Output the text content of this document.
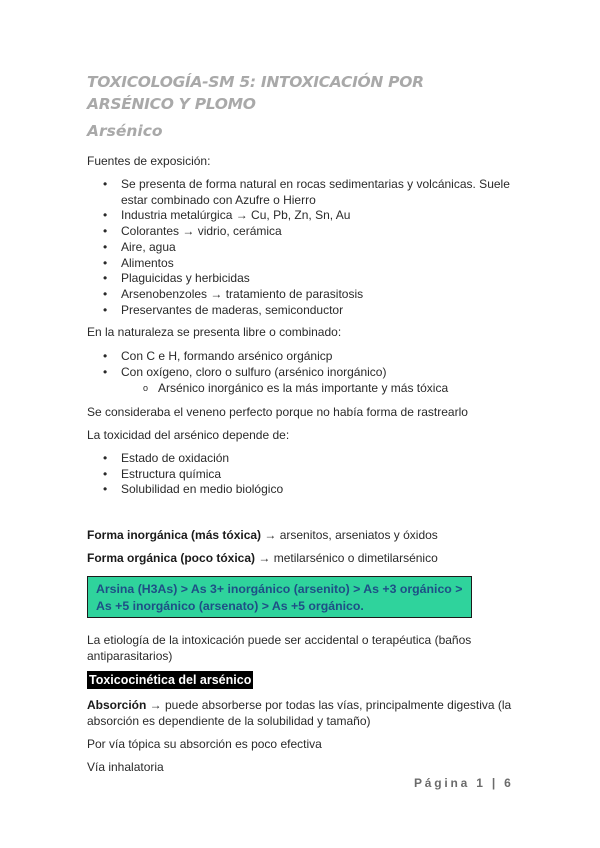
TOXICOLOGÍA-SM 5: INTOXICACIÓN POR ARSÉNICO Y PLOMO
Arsénico
Fuentes de exposición:
• Se presenta de forma natural en rocas sedimentarias y volcánicas. Suele estar combinado con Azufre o Hierro
• Industria metalúrgica → Cu, Pb, Zn, Sn, Au
• Colorantes → vidrio, cerámica
• Aire, agua
• Alimentos
• Plaguicidas y herbicidas
• Arsenobenzoles → tratamiento de parasitosis
• Preservantes de maderas, semiconductor
En la naturaleza se presenta libre o combinado:
• Con C e H, formando arsénico orgánicp
• Con oxígeno, cloro o sulfuro (arsénico inorgánico)
o Arsénico inorgánico es la más importante y más tóxica
Se consideraba el veneno perfecto porque no había forma de rastrearlo
La toxicidad del arsénico depende de:
• Estado de oxidación
• Estructura química
• Solubilidad en medio biológico
Forma inorgánica (más tóxica) → arsenitos, arseniatos y óxidos
Forma orgánica (poco tóxica) → metilarsénico o dimetilarsénico
Arsina (H3As) > As 3+ inorgánico (arsenito) > As +3 orgánico > As +5 inorgánico (arsenato) > As +5 orgánico.
La etiología de la intoxicación puede ser accidental o terapéutica (baños antiparasitarios)
Toxicocinética del arsénico
Absorción → puede absorberse por todas las vías, principalmente digestiva (la absorción es dependiente de la solubilidad y tamaño)
Por vía tópica su absorción es poco efectiva
Vía inhalatoria
Página 1 | 6
